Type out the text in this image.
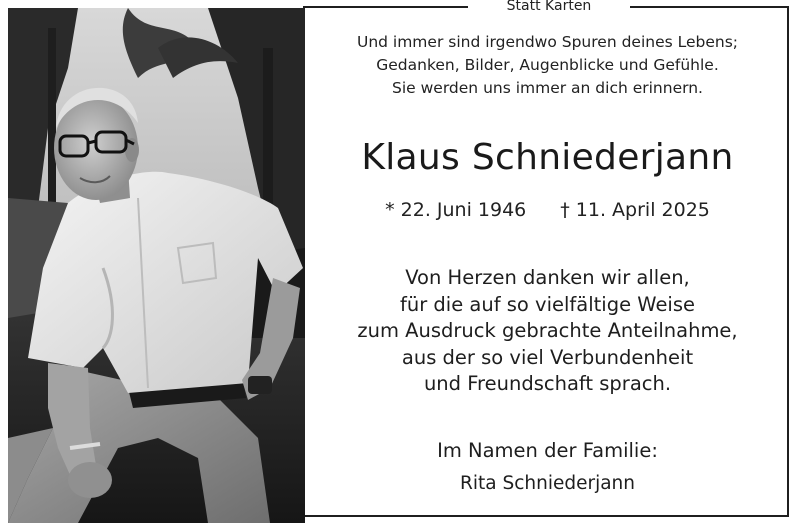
Statt Karten
Und immer sind irgendwo Spuren deines Lebens;
Gedanken, Bilder, Augenblicke und Gefühle.
Sie werden uns immer an dich erinnern.
Klaus Schniederjann
* 22. Juni 1946 † 11. April 2025
Von Herzen danken wir allen,
für die auf so vielfältige Weise
zum Ausdruck gebrachte Anteilnahme,
aus der so viel Verbundenheit
und Freundschaft sprach.
Im Namen der Familie:
Rita Schniederjann
